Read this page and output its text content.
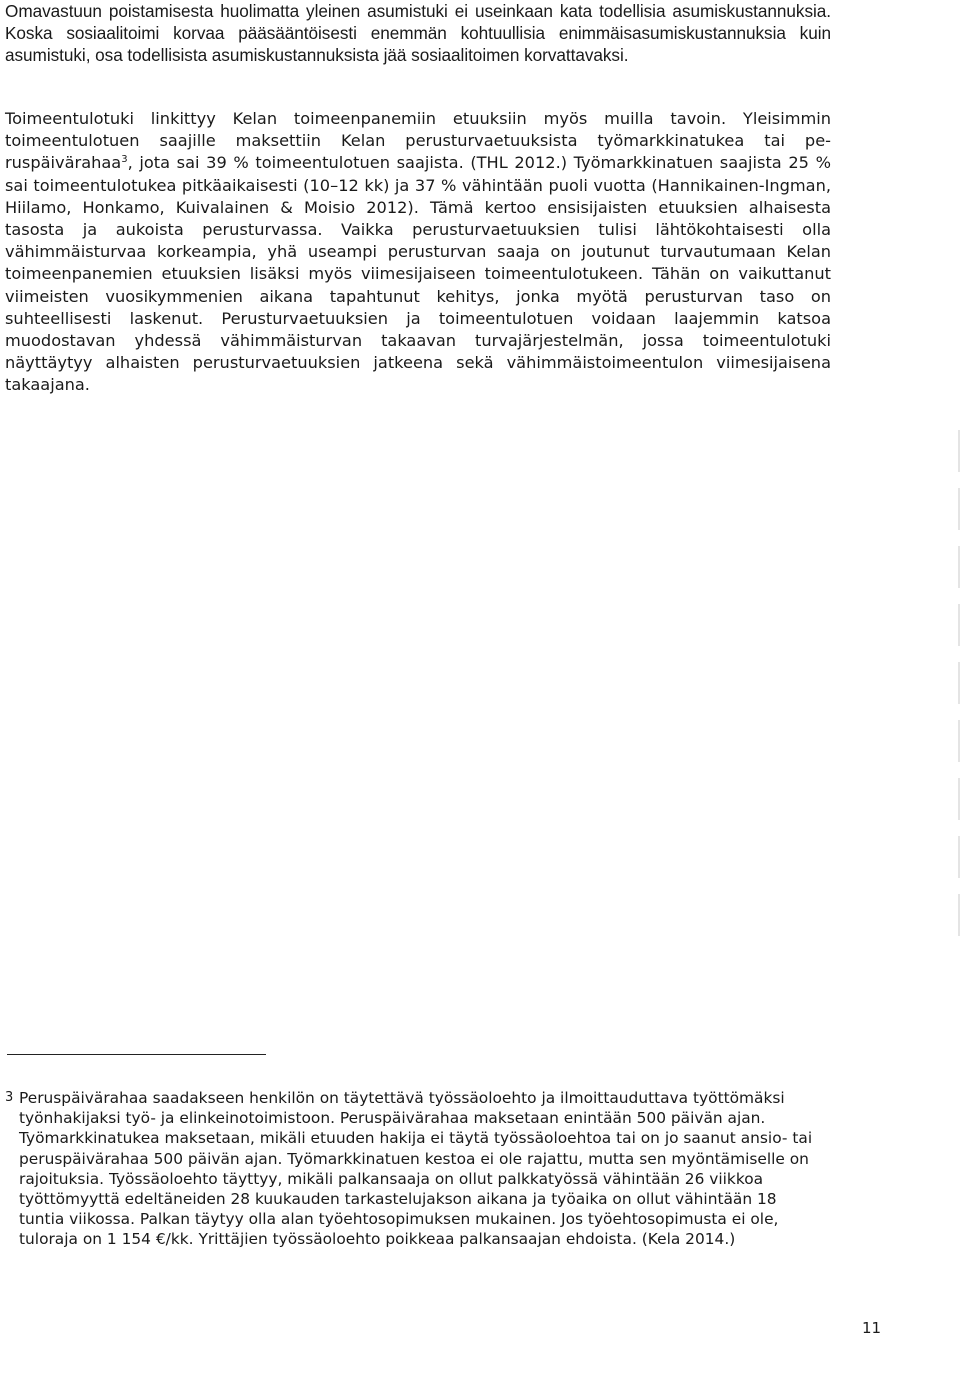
Omavastuun poistamisesta huolimatta yleinen asumistuki ei useinkaan kata todellisia asumiskustannuksia. Koska sosiaalitoimi korvaa pääsääntöisesti enemmän kohtuullisia enimmäisasumiskustannuksia kuin asumistuki, osa todellisista asumiskustannuksista jää sosiaalitoimen korvattavaksi.

Toimeentulotuki linkittyy Kelan toimeenpanemiin etuuksiin myös muilla tavoin. Yleisimmin toimeentulotuen saajille maksettiin Kelan perusturvaetuuksista työmarkkinatukea tai peruspäivärahaa$^3$, jota sai 39 % toimeentulotuen saajista. (THL 2012.) Työmarkkinatuen saajista 25 % sai toimeentulotukea pitkäaikaisesti (10–12 kk) ja 37 % vähintään puoli vuotta (Hannikainen-Ingman, Hiilamo, Honkamo, Kuivalainen & Moisio 2012). Tämä kertoo ensisijaisten etuuksien alhaisesta tasosta ja aukoista perusturvassa. Vaikka perusturvaetuuksien tulisi lähtökohtaisesti olla vähimmäisturvaa korkeampia, yhä useampi perusturvan saaja on joutunut turvautumaan Kelan toimeenpanemien etuuksien lisäksi myös viimesijaiseen toimeentulotukeen. Tähän on vaikuttanut viimeisten vuosikymmenien aikana tapahtunut kehitys, jonka myötä perusturvan taso on suhteellisesti laskenut. Perusturvaetuuksien ja toimeentulotuen voidaan laajemmin katsoa muodostavan yhdessä vähimmäisturvan takaavan turvajärjestelmän, jossa toimeentulotuki näyttäytyy alhaisten perusturvaetuuksien jatkeena sekä vähimmäistoimeentulon viimesijaisena takaajana.

3 Peruspäivärahaa saadakseen henkilön on täytettävä työssäoloehto ja ilmoittauduttava työttömäksi työnhakijaksi työ- ja elinkeinotoimistoon. Peruspäivärahaa maksetaan enintään 500 päivän ajan. Työmarkkinatukea maksetaan, mikäli etuuden hakija ei täytä työssäoloehtoa tai on jo saanut ansio- tai peruspäivärahaa 500 päivän ajan. Työmarkkinatuen kestoa ei ole rajattu, mutta sen myöntämiselle on rajoituksia. Työssäoloehto täyttyy, mikäli palkansaaja on ollut palkkatyössä vähintään 26 viikkoa työttömyyttä edeltäneiden 28 kuukauden tarkastelujakson aikana ja työaika on ollut vähintään 18 tuntia viikossa. Palkan täytyy olla alan työehtosopimuksen mukainen. Jos työehtosopimusta ei ole, tuloraja on 1 154 €/kk. Yrittäjien työssäoloehto poikkeaa palkansaajan ehdoista. (Kela 2014.)

11
